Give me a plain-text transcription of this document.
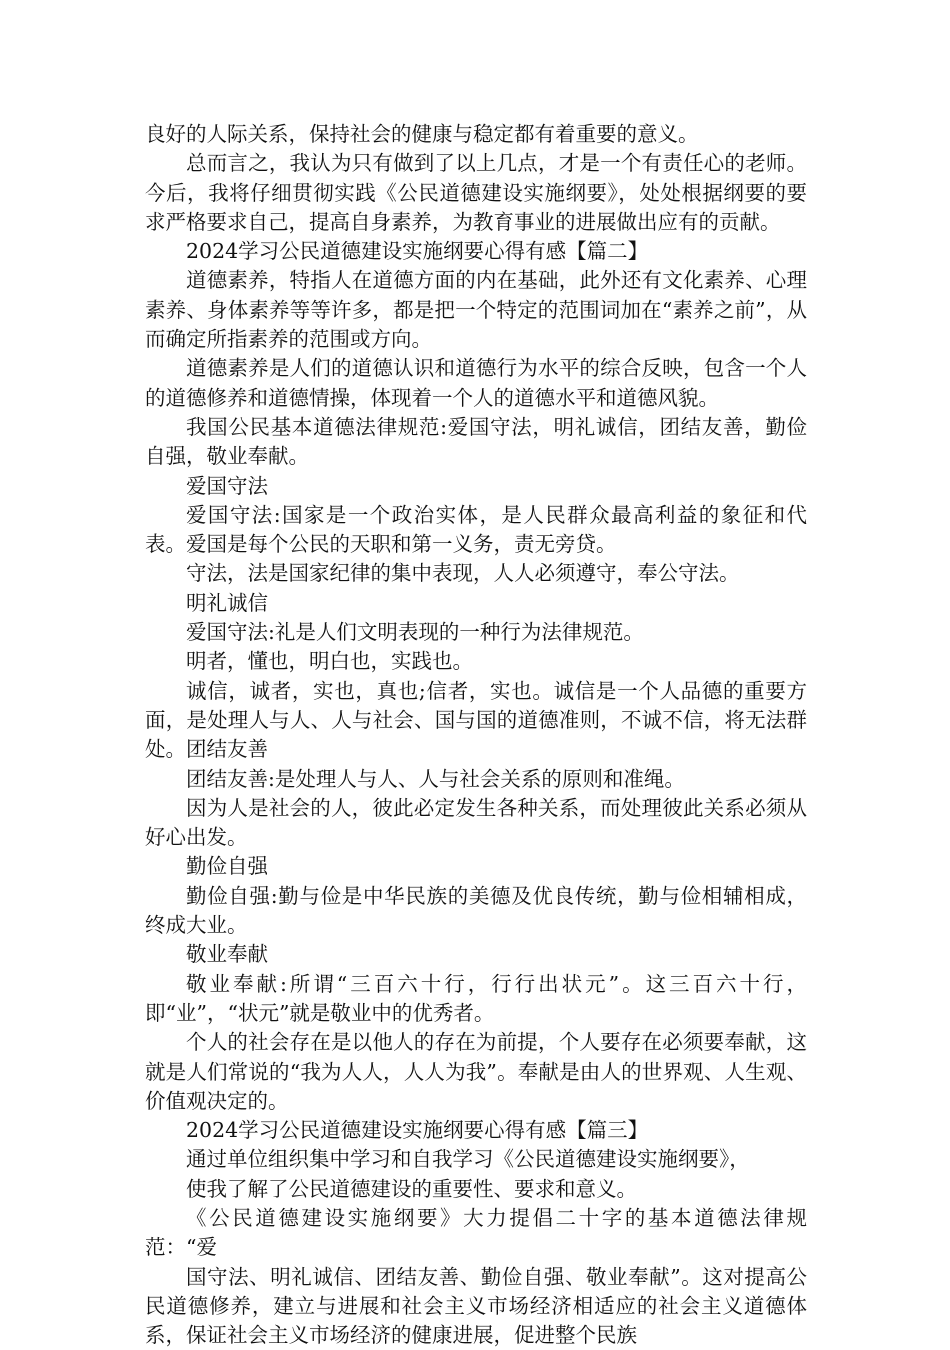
良好的人际关系，保持社会的健康与稳定都有着重要的意义。

总而言之，我认为只有做到了以上几点，才是一个有责任心的老师。今后，我将仔细贯彻实践《公民道德建设实施纲要》，处处根据纲要的要求严格要求自己，提高自身素养，为教育事业的进展做出应有的贡献。

2024学习公民道德建设实施纲要心得有感【篇二】

道德素养，特指人在道德方面的内在基础，此外还有文化素养、心理素养、身体素养等等许多，都是把一个特定的范围词加在“素养之前”，从而确定所指素养的范围或方向。

道德素养是人们的道德认识和道德行为水平的综合反映，包含一个人的道德修养和道德情操，体现着一个人的道德水平和道德风貌。

我国公民基本道德法律规范:爱国守法，明礼诚信，团结友善，勤俭自强，敬业奉献。

爱国守法

爱国守法:国家是一个政治实体，是人民群众最高利益的象征和代表。爱国是每个公民的天职和第一义务，责无旁贷。

守法，法是国家纪律的集中表现，人人必须遵守，奉公守法。

明礼诚信

爱国守法:礼是人们文明表现的一种行为法律规范。

明者，懂也，明白也，实践也。

诚信，诚者，实也，真也;信者，实也。诚信是一个人品德的重要方面，是处理人与人、人与社会、国与国的道德准则，不诚不信，将无法群处。团结友善

团结友善:是处理人与人、人与社会关系的原则和准绳。

因为人是社会的人，彼此必定发生各种关系，而处理彼此关系必须从好心出发。

勤俭自强

勤俭自强:勤与俭是中华民族的美德及优良传统，勤与俭相辅相成，终成大业。

敬业奉献

敬业奉献:所谓“三百六十行，行行出状元”。这三百六十行，即“业”，“状元”就是敬业中的优秀者。

个人的社会存在是以他人的存在为前提，个人要存在必须要奉献，这就是人们常说的“我为人人，人人为我”。奉献是由人的世界观、人生观、价值观决定的。

2024学习公民道德建设实施纲要心得有感【篇三】

通过单位组织集中学习和自我学习《公民道德建设实施纲要》，

使我了解了公民道德建设的重要性、要求和意义。

《公民道德建设实施纲要》大力提倡二十字的基本道德法律规范：“爱

国守法、明礼诚信、团结友善、勤俭自强、敬业奉献”。这对提高公民道德修养，建立与进展和社会主义市场经济相适应的社会主义道德体系，保证社会主义市场经济的健康进展，促进整个民族
